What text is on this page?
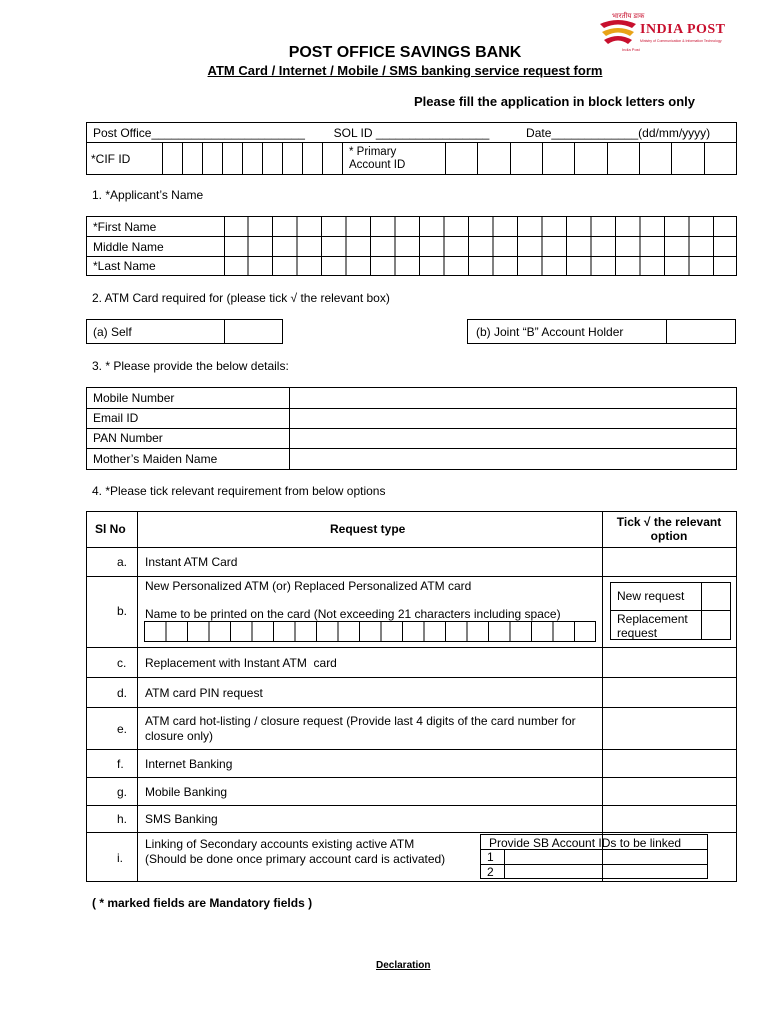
भारतीय डाक
INDIA POST
Ministry of Communication & Information Technology
India Post
POST OFFICE SAVINGS BANK
ATM Card / Internet / Mobile / SMS banking service request form
Please fill the application in block letters only
Post Office_______________________ SOL ID _________________	Date_____________(dd/mm/yyyy)
*CIF ID										* Primary Account ID	
1. *Applicant’s Name
*First Name
Middle Name
*Last Name
2. ATM Card required for (please tick √ the relevant box)
(a) Self	(b) Joint “B” Account Holder
3. * Please provide the below details:
Mobile Number
Email ID
PAN Number
Mother’s Maiden Name
4. *Please tick relevant requirement from below options
Sl No	Request type	Tick √ the relevant option
a. Instant ATM Card
b.
New Personalized ATM (or) Replaced Personalized ATM card
Name to be printed on the card (Not exceeding 21 characters including space)
New request
Replacement request
c. Replacement with Instant ATM  card
d. ATM card PIN request
e.
ATM card hot-listing / closure request (Provide last 4 digits of the card number for closure only)
f. Internet Banking
g. Mobile Banking
h. SMS Banking
i.
Linking of Secondary accounts existing active ATM
(Should be done once primary account card is activated)
Provide SB Account IDs to be linked
1
2
( * marked fields are Mandatory fields )
Declaration
